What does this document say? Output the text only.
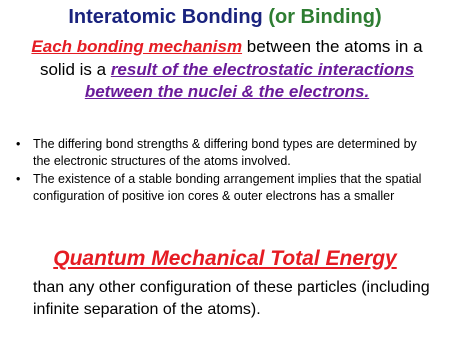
Interatomic Bonding (or Binding)
Each bonding mechanism between the atoms in a solid is a result of the electrostatic interactions between the nuclei & the electrons.
• The differing bond strengths & differing bond types are determined by the electronic structures of the atoms involved.
• The existence of a stable bonding arrangement implies that the spatial configuration of positive ion cores & outer electrons has a smaller
Quantum Mechanical Total Energy
than any other configuration of these particles (including infinite separation of the atoms).
